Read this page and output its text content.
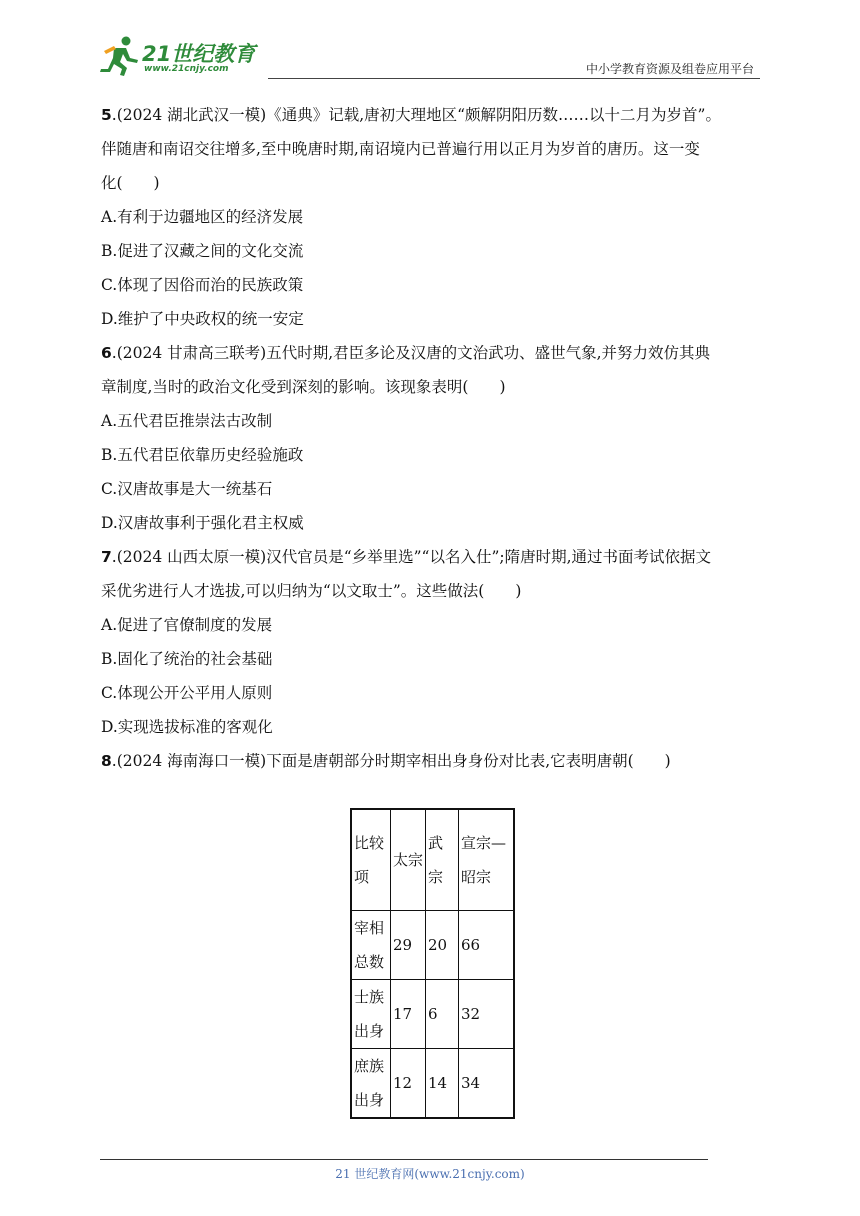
21世纪教育
www.21cnjy.com	中小学教育资源及组卷应用平台
5.(2024 湖北武汉一模)《通典》记载,唐初大理地区“颇解阴阳历数……以十二月为岁首”。
伴随唐和南诏交往增多,至中晚唐时期,南诏境内已普遍行用以正月为岁首的唐历。这一变
化(　　)
A.有利于边疆地区的经济发展
B.促进了汉藏之间的文化交流
C.体现了因俗而治的民族政策
D.维护了中央政权的统一安定
6.(2024 甘肃高三联考)五代时期,君臣多论及汉唐的文治武功、盛世气象,并努力效仿其典
章制度,当时的政治文化受到深刻的影响。该现象表明(　　)
A.五代君臣推崇法古改制
B.五代君臣依靠历史经验施政
C.汉唐故事是大一统基石
D.汉唐故事利于强化君主权威
7.(2024 山西太原一模)汉代官员是“乡举里选”“以名入仕”;隋唐时期,通过书面考试依据文
采优劣进行人才选拔,可以归纳为“以文取士”。这些做法(　　)
A.促进了官僚制度的发展
B.固化了统治的社会基础
C.体现公开公平用人原则
D.实现选拔标准的客观化
8.(2024 海南海口一模)下面是唐朝部分时期宰相出身身份对比表,它表明唐朝(　　)
比较项	太宗	武宗	宣宗—昭宗
宰相总数	29	20	66
士族出身	17	6	32
庶族出身	12	14	34
21 世纪教育网(www.21cnjy.com)
